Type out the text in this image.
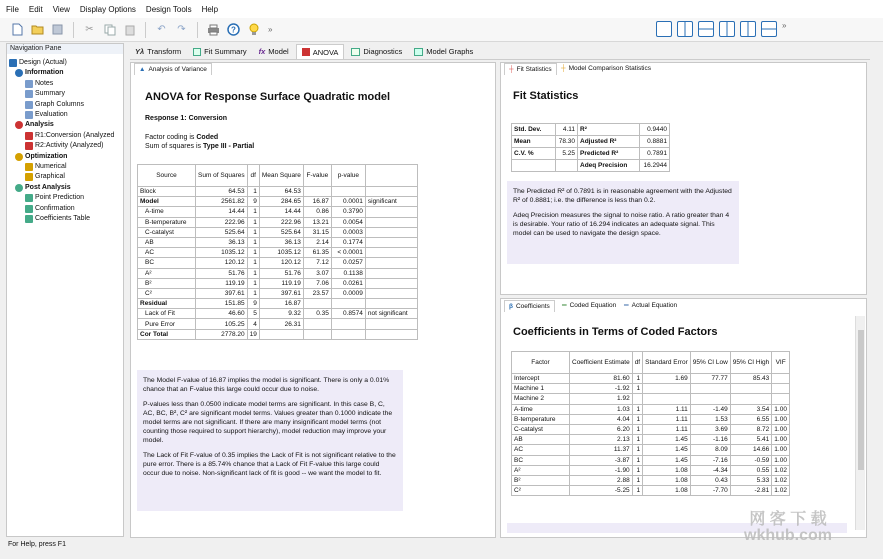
File Edit View Display Options Design Tools Help
✂	↶	↷	?	»	»
Navigation Pane
Design (Actual)
Information
Notes
Summary
Graph Columns
Evaluation
Analysis
R1:Conversion (Analyzed
R2:Activity (Analyzed)
Optimization
Numerical
Graphical
Post Analysis
Point Prediction
Confirmation
Coefficients Table
Yλ Transform	Fit Summary fx Model	ANOVA	Diagnostics	Model Graphs
▲ Analysis of Variance
ANOVA for Response Surface Quadratic model
Response 1: Conversion
Factor coding is Coded
Sum of squares is Type III - Partial
Source	Sum of Squares	df	Mean Square	F-value	p-value	
Block	64.53	1	64.53			
Model	2561.82	9	284.65	16.87	0.0001	significant
A-time	14.44	1	14.44	0.86	0.3790	
B-temperature	222.96	1	222.96	13.21	0.0054	
C-catalyst	525.64	1	525.64	31.15	0.0003	
AB	36.13	1	36.13	2.14	0.1774	
AC	1035.12	1	1035.12	61.35	< 0.0001	
BC	120.12	1	120.12	7.12	0.0257	
A²	51.76	1	51.76	3.07	0.1138	
B²	119.19	1	119.19	7.06	0.0261	
C²	397.61	1	397.61	23.57	0.0009	
Residual	151.85	9	16.87			
Lack of Fit	46.60	5	9.32	0.35	0.8574	not significant
Pure Error	105.25	4	26.31			
Cor Total	2778.20	19				

The Model F-value of 16.87 implies the model is significant. There is only a 0.01% chance that an F-value this large could occur due to noise.

P-values less than 0.0500 indicate model terms are significant. In this case B, C, AC, BC, B², C² are significant model terms. Values greater than 0.1000 indicate the model terms are not significant. If there are many insignificant model terms (not counting those required to support hierarchy), model reduction may improve your model.

The Lack of Fit F-value of 0.35 implies the Lack of Fit is not significant relative to the pure error. There is a 85.74% chance that a Lack of Fit F-value this large could occur due to noise. Non-significant lack of fit is good -- we want the model to fit.

┼ Fit Statistics ┼ Model Comparison Statistics
Fit Statistics
Std. Dev.	4.11	R²	0.9440
Mean	78.30	Adjusted R²	0.8881
C.V. %	5.25	Predicted R²	0.7891
		Adeq Precision	16.2944

The Predicted R² of 0.7891 is in reasonable agreement with the Adjusted R² of 0.8881; i.e. the difference is less than 0.2.

Adeq Precision measures the signal to noise ratio. A ratio greater than 4 is desirable. Your ratio of 16.294 indicates an adequate signal. This model can be used to navigate the design space.

β Coefficients ═ Coded Equation ═ Actual Equation
Coefficients in Terms of Coded Factors
Factor	Coefficient Estimate	df	Standard Error	95% CI Low	95% CI High	VIF
Intercept	81.60	1	1.69	77.77	85.43	
Machine 1	-1.92	1				
Machine 2	1.92					
A-time	1.03	1	1.11	-1.49	3.54	1.00
B-temperature	4.04	1	1.11	1.53	6.55	1.00
C-catalyst	6.20	1	1.11	3.69	8.72	1.00
AB	2.13	1	1.45	-1.16	5.41	1.00
AC	11.37	1	1.45	8.09	14.66	1.00
BC	-3.87	1	1.45	-7.16	-0.59	1.00
A²	-1.90	1	1.08	-4.34	0.55	1.02
B²	2.88	1	1.08	0.43	5.33	1.02
C²	-5.25	1	1.08	-7.70	-2.81	1.02
For Help, press F1
网 客 下 载
wkhub.com
